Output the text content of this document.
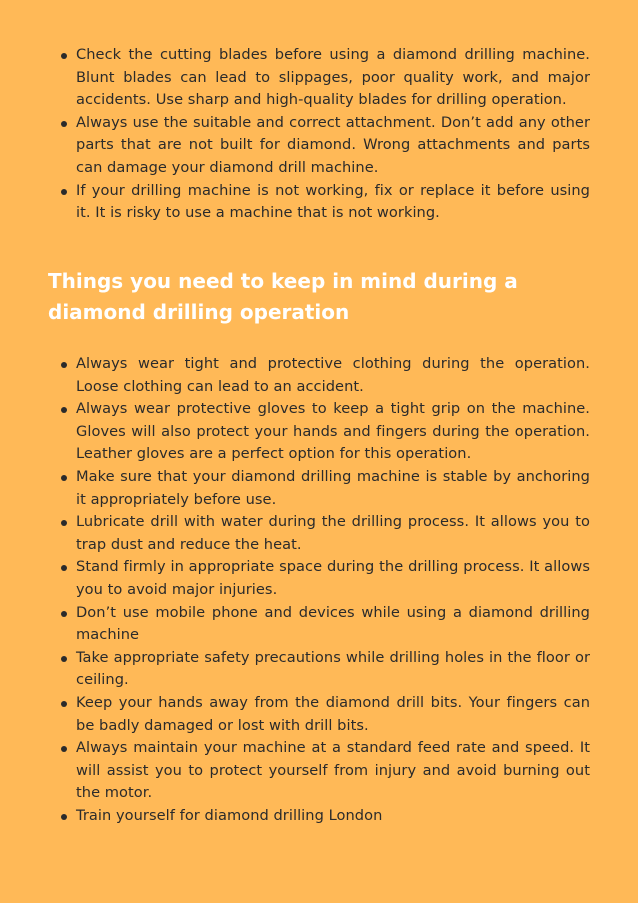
Check the cutting blades before using a diamond drilling machine. Blunt blades can lead to slippages, poor quality work, and major accidents. Use sharp and high-quality blades for drilling operation.
Always use the suitable and correct attachment. Don’t add any other parts that are not built for diamond. Wrong attachments and parts can damage your diamond drill machine.
If your drilling machine is not working, fix or replace it before using it. It is risky to use a machine that is not working.
Things you need to keep in mind during a diamond drilling operation
Always wear tight and protective clothing during the operation. Loose clothing can lead to an accident.
Always wear protective gloves to keep a tight grip on the machine. Gloves will also protect your hands and fingers during the operation. Leather gloves are a perfect option for this operation.
Make sure that your diamond drilling machine is stable by anchoring it appropriately before use.
Lubricate drill with water during the drilling process. It allows you to trap dust and reduce the heat.
Stand firmly in appropriate space during the drilling process. It allows you to avoid major injuries.
Don’t use mobile phone and devices while using a diamond drilling machine
Take appropriate safety precautions while drilling holes in the floor or ceiling.
Keep your hands away from the diamond drill bits. Your fingers can be badly damaged or lost with drill bits.
Always maintain your machine at a standard feed rate and speed. It will assist you to protect yourself from injury and avoid burning out the motor.
Train yourself for diamond drilling London
